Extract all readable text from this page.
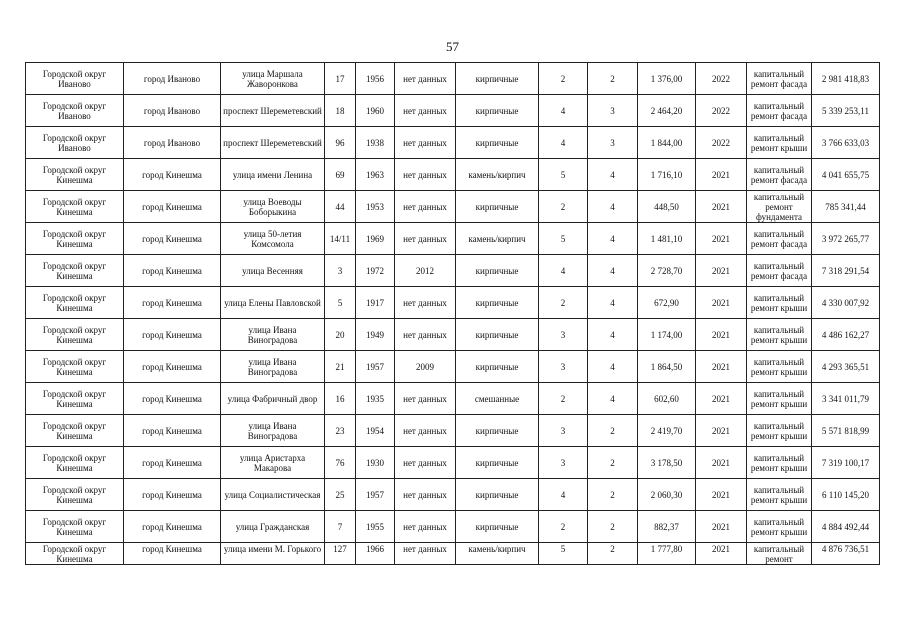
57
Городской округ Иваново	город Иваново	улица Маршала Жаворонкова	17	1956	нет данных	кирпичные	2	2	1 376,00	2022	капитальный ремонт фасада	2 981 418,83
Городской округ Иваново	город Иваново	проспект Шереметевский	18	1960	нет данных	кирпичные	4	3	2 464,20	2022	капитальный ремонт фасада	5 339 253,11
Городской округ Иваново	город Иваново	проспект Шереметевский	96	1938	нет данных	кирпичные	4	3	1 844,00	2022	капитальный ремонт крыши	3 766 633,03
Городской округ Кинешма	город Кинешма	улица имени Ленина	69	1963	нет данных	камень/кирпич	5	4	1 716,10	2021	капитальный ремонт фасада	4 041 655,75
Городской округ Кинешма	город Кинешма	улица Воеводы Боборыкина	44	1953	нет данных	кирпичные	2	4	448,50	2021	капитальный ремонт фундамента	785 341,44
Городской округ Кинешма	город Кинешма	улица 50-летия Комсомола	14/11	1969	нет данных	камень/кирпич	5	4	1 481,10	2021	капитальный ремонт фасада	3 972 265,77
Городской округ Кинешма	город Кинешма	улица Весенняя	3	1972	2012	кирпичные	4	4	2 728,70	2021	капитальный ремонт фасада	7 318 291,54
Городской округ Кинешма	город Кинешма	улица Елены Павловской	5	1917	нет данных	кирпичные	2	4	672,90	2021	капитальный ремонт крыши	4 330 007,92
Городской округ Кинешма	город Кинешма	улица Ивана Виноградова	20	1949	нет данных	кирпичные	3	4	1 174,00	2021	капитальный ремонт крыши	4 486 162,27
Городской округ Кинешма	город Кинешма	улица Ивана Виноградова	21	1957	2009	кирпичные	3	4	1 864,50	2021	капитальный ремонт крыши	4 293 365,51
Городской округ Кинешма	город Кинешма	улица Фабричный двор	16	1935	нет данных	смешанные	2	4	602,60	2021	капитальный ремонт крыши	3 341 011,79
Городской округ Кинешма	город Кинешма	улица Ивана Виноградова	23	1954	нет данных	кирпичные	3	2	2 419,70	2021	капитальный ремонт крыши	5 571 818,99
Городской округ Кинешма	город Кинешма	улица Аристарха Макарова	76	1930	нет данных	кирпичные	3	2	3 178,50	2021	капитальный ремонт крыши	7 319 100,17
Городской округ Кинешма	город Кинешма	улица Социалистическая	25	1957	нет данных	кирпичные	4	2	2 060,30	2021	капитальный ремонт крыши	6 110 145,20
Городской округ Кинешма	город Кинешма	улица Гражданская	7	1955	нет данных	кирпичные	2	2	882,37	2021	капитальный ремонт крыши	4 884 492,44
Городской округ Кинешма	город Кинешма	улица имени М. Горького	127	1966	нет данных	камень/кирпич	5	2	1 777,80	2021	капитальный ремонт	4 876 736,51
